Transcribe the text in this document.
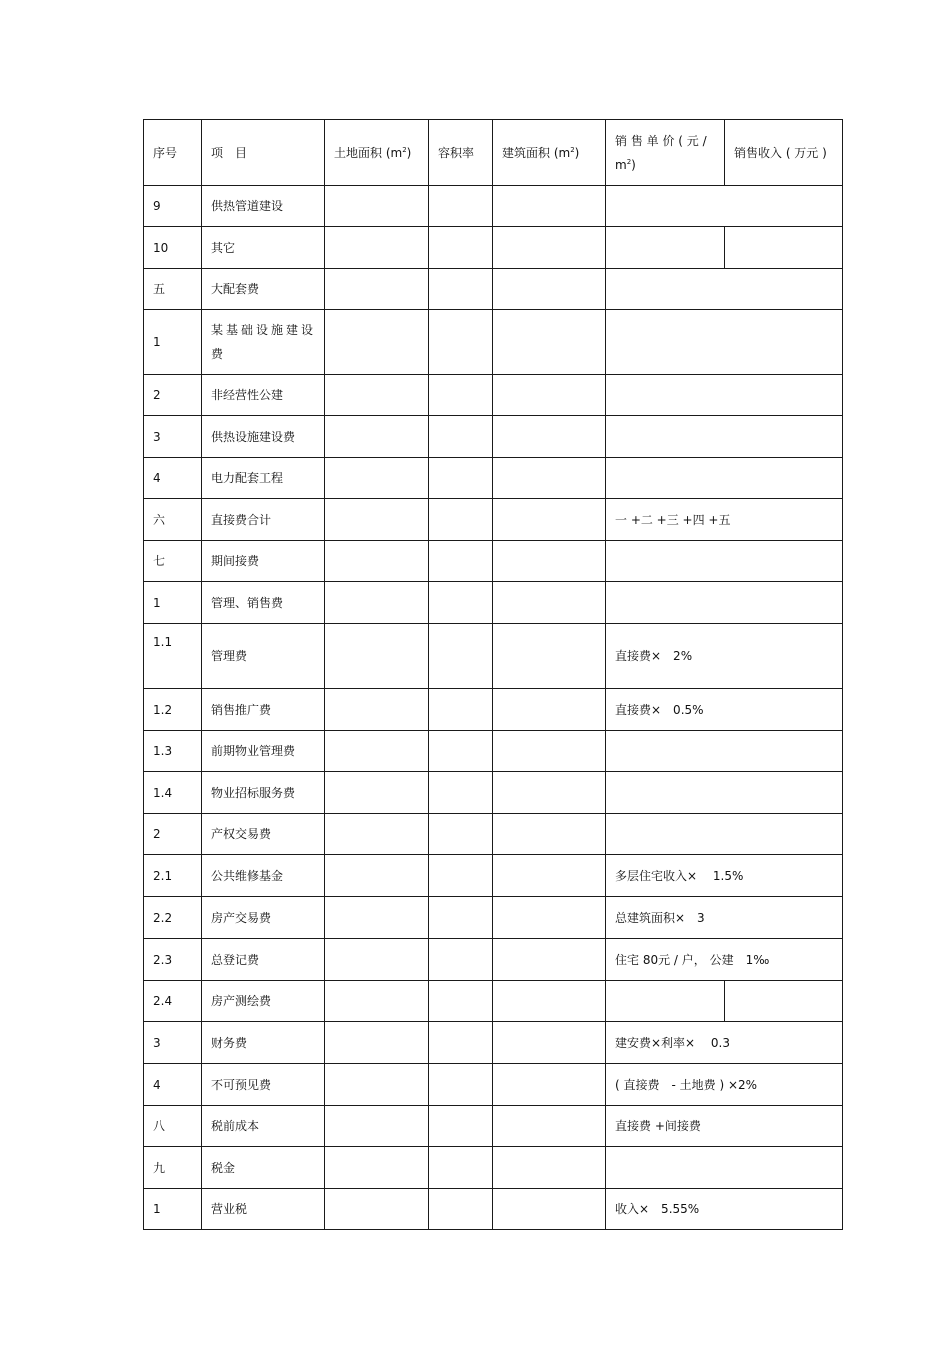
序号	项　目	土地面积 $(m^2)$	容积率	建筑面积 $(m^2)$	销 售 单 价 ( 元 $/m^2$)	销售收入 ( 万元 )
9	供热管道建设					
10	其它					
五	大配套费					
1	某基础设施建设费					
2	非经营性公建					
3	供热设施建设费					
4	电力配套工程					
六	直接费合计				一 +二 +三 +四 +五	
七	期间接费					
1	管理、销售费					
1.1	管理费				直接费×　2%	
1.2	销售推广费				直接费×　0.5%	
1.3	前期物业管理费					
1.4	物业招标服务费					
2	产权交易费					
2.1	公共维修基金				多层住宅收入×　 1.5%	
2.2	房产交易费				总建筑面积×　3	
2.3	总登记费				住宅 80元 / 户， 公建　1‰	
2.4	房产测绘费					
3	财务费				建安费×利率×　 0.3	
4	不可预见费				( 直接费　- 土地费 ) ×2%	
八	税前成本				直接费 +间接费	
九	税金					
1	营业税				收入×　5.55%	
